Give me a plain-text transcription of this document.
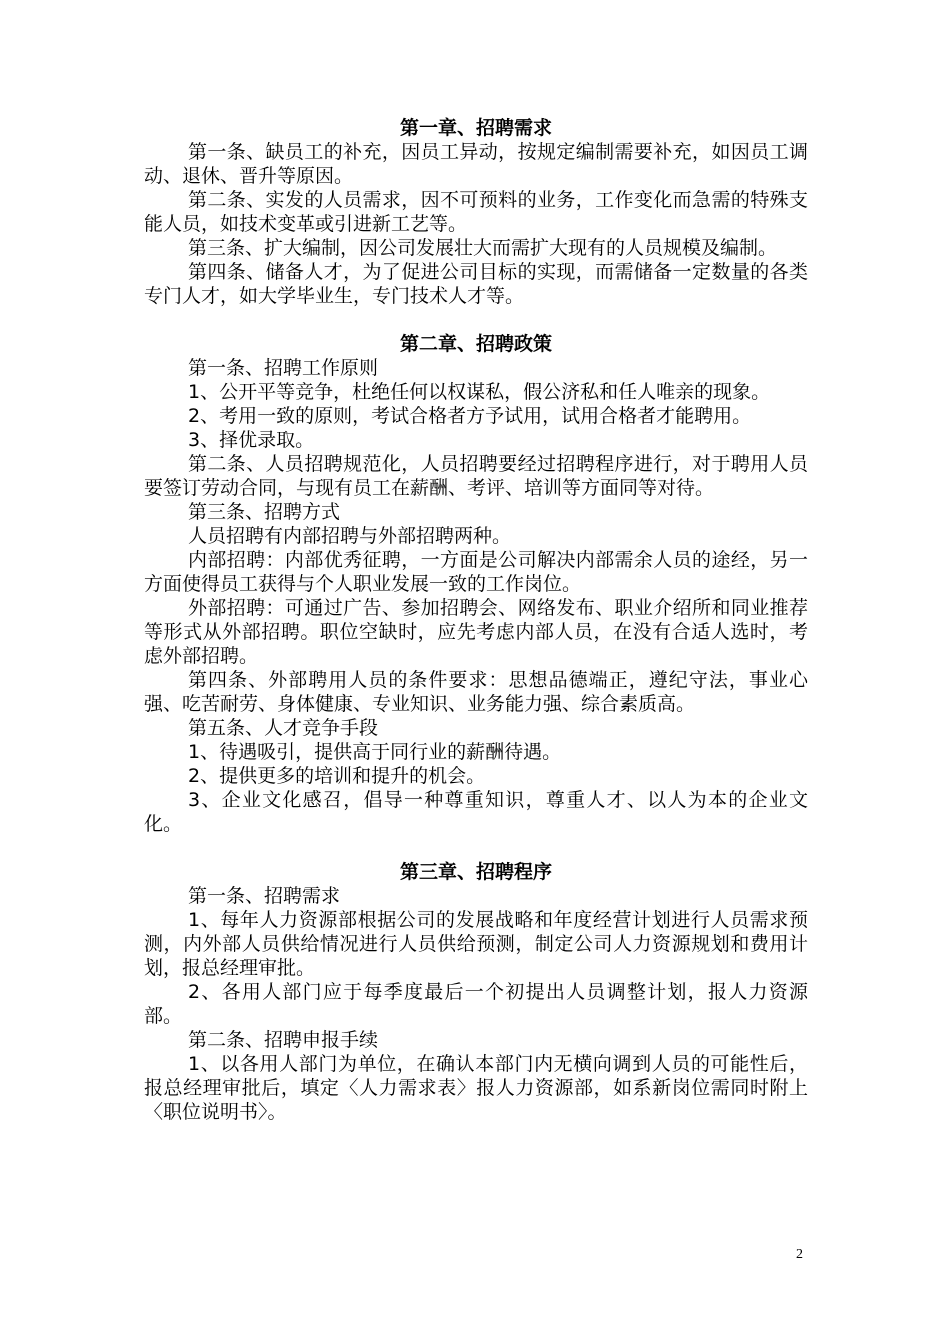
第一章、招聘需求

第一条、缺员工的补充，因员工异动，按规定编制需要补充，如因员工调动、退休、晋升等原因。

第二条、实发的人员需求，因不可预料的业务，工作变化而急需的特殊支能人员，如技术变革或引进新工艺等。

第三条、扩大编制，因公司发展壮大而需扩大现有的人员规模及编制。

第四条、储备人才，为了促进公司目标的实现，而需储备一定数量的各类专门人才，如大学毕业生，专门技术人才等。

第二章、招聘政策

第一条、招聘工作原则

1、公开平等竞争，杜绝任何以权谋私，假公济私和任人唯亲的现象。

2、考用一致的原则，考试合格者方予试用，试用合格者才能聘用。

3、择优录取。

第二条、人员招聘规范化，人员招聘要经过招聘程序进行，对于聘用人员要签订劳动合同，与现有员工在薪酬、考评、培训等方面同等对待。

第三条、招聘方式

人员招聘有内部招聘与外部招聘两种。

内部招聘：内部优秀征聘，一方面是公司解决内部需余人员的途经，另一方面使得员工获得与个人职业发展一致的工作岗位。

外部招聘：可通过广告、参加招聘会、网络发布、职业介绍所和同业推荐等形式从外部招聘。职位空缺时，应先考虑内部人员，在没有合适人选时，考虑外部招聘。

第四条、外部聘用人员的条件要求：思想品德端正，遵纪守法，事业心强、吃苦耐劳、身体健康、专业知识、业务能力强、综合素质高。

第五条、人才竞争手段

1、待遇吸引，提供高于同行业的薪酬待遇。

2、提供更多的培训和提升的机会。

3、企业文化感召，倡导一种尊重知识，尊重人才、以人为本的企业文化。

第三章、招聘程序

第一条、招聘需求

1、每年人力资源部根据公司的发展战略和年度经营计划进行人员需求预测，内外部人员供给情况进行人员供给预测，制定公司人力资源规划和费用计划，报总经理审批。

2、各用人部门应于每季度最后一个初提出人员调整计划，报人力资源部。

第二条、招聘申报手续

1、以各用人部门为单位，在确认本部门内无横向调到人员的可能性后，报总经理审批后，填定〈人力需求表〉报人力资源部，如系新岗位需同时附上〈职位说明书〉。

2
